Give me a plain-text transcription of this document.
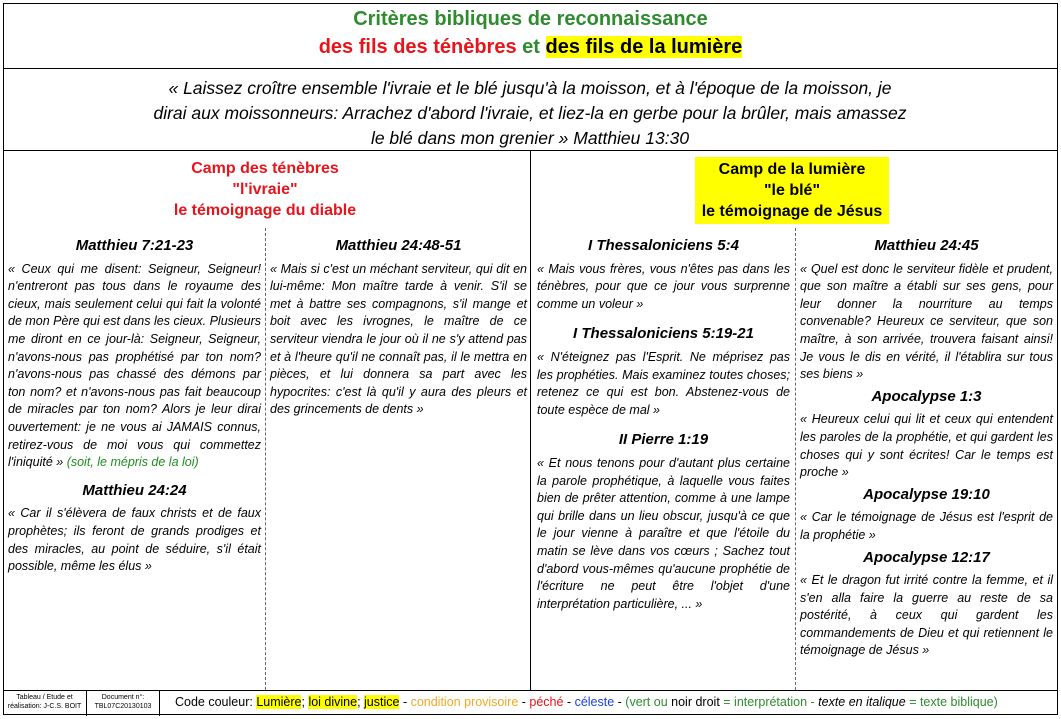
Critères bibliques de reconnaissance
des fils des ténèbres et des fils de la lumière
« Laissez croître ensemble l'ivraie et le blé jusqu'à la moisson, et à l'époque de la moisson, je
dirai aux moissonneurs: Arrachez d'abord l'ivraie, et liez-la en gerbe pour la brûler, mais amassez
le blé dans mon grenier » Matthieu 13:30
Camp des ténèbres
"l'ivraie"
le témoignage du diable
Camp de la lumière
"le blé"
le témoignage de Jésus
Matthieu 7:21-23
« Ceux qui me disent: Seigneur, Seigneur! n'entreront pas tous dans le royaume des cieux, mais seulement celui qui fait la volonté de mon Père qui est dans les cieux. Plusieurs me diront en ce jour-là: Seigneur, Seigneur, n'avons-nous pas prophétisé par ton nom? n'avons-nous pas chassé des démons par ton nom? et n'avons-nous pas fait beaucoup de miracles par ton nom? Alors je leur dirai ouvertement: je ne vous ai JAMAIS connus, retirez-vous de moi vous qui commettez l'iniquité » (soit, le mépris de la loi)
Matthieu 24:24
« Car il s'élèvera de faux christs et de faux prophètes; ils feront de grands prodiges et des miracles, au point de séduire, s'il était possible, même les élus »
Matthieu 24:48-51
« Mais si c'est un méchant serviteur, qui dit en lui-même: Mon maître tarde à venir. S'il se met à battre ses compagnons, s'il mange et boit avec les ivrognes, le maître de ce serviteur viendra le jour où il ne s'y attend pas et à l'heure qu'il ne connaît pas, il le mettra en pièces, et lui donnera sa part avec les hypocrites: c'est là qu'il y aura des pleurs et des grincements de dents »
I Thessaloniciens 5:4
« Mais vous frères, vous n'êtes pas dans les ténèbres, pour que ce jour vous surprenne comme un voleur »
I Thessaloniciens 5:19-21
« N'éteignez pas l'Esprit. Ne méprisez pas les prophéties. Mais examinez toutes choses; retenez ce qui est bon. Abstenez-vous de toute espèce de mal »
II Pierre 1:19
« Et nous tenons pour d'autant plus certaine la parole prophétique, à laquelle vous faites bien de prêter attention, comme à une lampe qui brille dans un lieu obscur, jusqu'à ce que le jour vienne à paraître et que l'étoile du matin se lève dans vos cœurs ; Sachez tout d'abord vous-mêmes qu'aucune prophétie de l'écriture ne peut être l'objet d'une interprétation particulière, ... »
Matthieu 24:45
« Quel est donc le serviteur fidèle et prudent, que son maître a établi sur ses gens, pour leur donner la nourriture au temps convenable? Heureux ce serviteur, que son maître, à son arrivée, trouvera faisant ainsi! Je vous le dis en vérité, il l'établira sur tous ses biens »
Apocalypse 1:3
« Heureux celui qui lit et ceux qui entendent les paroles de la prophétie, et qui gardent les choses qui y sont écrites! Car le temps est proche »
Apocalypse 19:10
« Car le témoignage de Jésus est l'esprit de la prophétie »
Apocalypse 12:17
« Et le dragon fut irrité contre la femme, et il s'en alla faire la guerre au reste de sa postérité, à ceux qui gardent les commandements de Dieu et qui retiennent le témoignage de Jésus »
Tableau / Etude et
réalisation: J-C.S. BOIT
Document n°:
TBL07C20130103	Code couleur: Lumière; loi divine; justice - condition provisoire - péché - céleste - (vert ou noir droit = interprétation - texte en italique = texte biblique)
